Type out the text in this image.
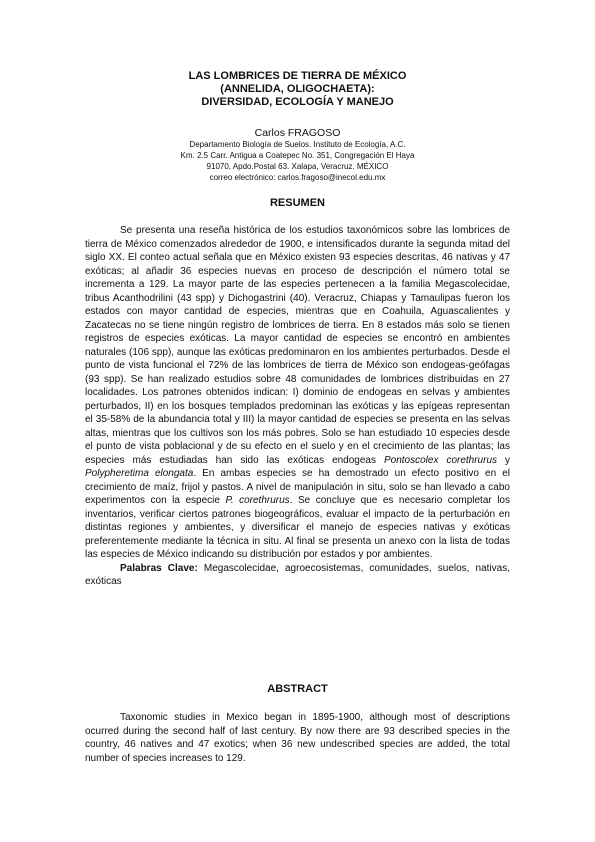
LAS LOMBRICES DE TIERRA DE MÉXICO
(ANNELIDA, OLIGOCHAETA):
DIVERSIDAD, ECOLOGÍA Y MANEJO
Carlos FRAGOSO
Departamento Biología de Suelos. Instituto de Ecología, A.C.
Km. 2.5 Carr. Antigua a Coatepec No. 351, Congregación El Haya
91070, Apdo.Postal 63. Xalapa, Veracruz. MÉXICO
correo electrónico: carlos.fragoso@inecol.edu.mx
RESUMEN

Se presenta una reseña histórica de los estudios taxonómicos sobre las lombrices de tierra de México comenzados alrededor de 1900, e intensificados durante la segunda mitad del siglo XX. El conteo actual señala que en México existen 93 especies descritas, 46 nativas y 47 exóticas; al añadir 36 especies nuevas en proceso de descripción el número total se incrementa a 129. La mayor parte de las especies pertenecen a la familia Megascolecidae, tribus Acanthodrilini (43 spp) y Dichogastrini (40). Veracruz, Chiapas y Tamaulipas fueron los estados con mayor cantidad de especies, mientras que en Coahuila, Aguascalientes y Zacatecas no se tiene ningún registro de lombrices de tierra. En 8 estados más solo se tienen registros de especies exóticas. La mayor cantidad de especies se encontró en ambientes naturales (106 spp), aunque las exóticas predominaron en los ambientes perturbados. Desde el punto de vista funcional el 72% de las lombrices de tierra de México son endogeas-geófagas (93 spp). Se han realizado estudios sobre 48 comunidades de lombrices distribuidas en 27 localidades. Los patrones obtenidos indican: I) dominio de endogeas en selvas y ambientes perturbados, II) en los bosques templados predominan las exóticas y las epígeas representan el 35-58% de la abundancia total y III) la mayor cantidad de especies se presenta en las selvas altas, mientras que los cultivos son los más pobres. Solo se han estudiado 10 especies desde el punto de vista poblacional y de su efecto en el suelo y en el crecimiento de las plantas; las especies más estudiadas han sido las exóticas endogeas Pontoscolex corethrurus y Polypheretima elongata. En ambas especies se ha demostrado un efecto positivo en el crecimiento de maíz, frijol y pastos. A nivel de manipulación in situ, solo se han llevado a cabo experimentos con la especie P. corethrurus. Se concluye que es necesario completar los inventarios, verificar ciertos patrones biogeográficos, evaluar el impacto de la perturbación en distintas regiones y ambientes, y diversificar el manejo de especies nativas y exóticas preferentemente mediante la técnica in situ. Al final se presenta un anexo con la lista de todas las especies de México indicando su distribución por estados y por ambientes.

Palabras Clave: Megascolecidae, agroecosistemas, comunidades, suelos, nativas, exóticas

ABSTRACT

Taxonomic studies in Mexico began in 1895-1900, although most of descriptions ocurred during the second half of last century. By now there are 93 described species in the country, 46 natives and 47 exotics; when 36 new undescribed species are added, the total number of species increases to 129.
